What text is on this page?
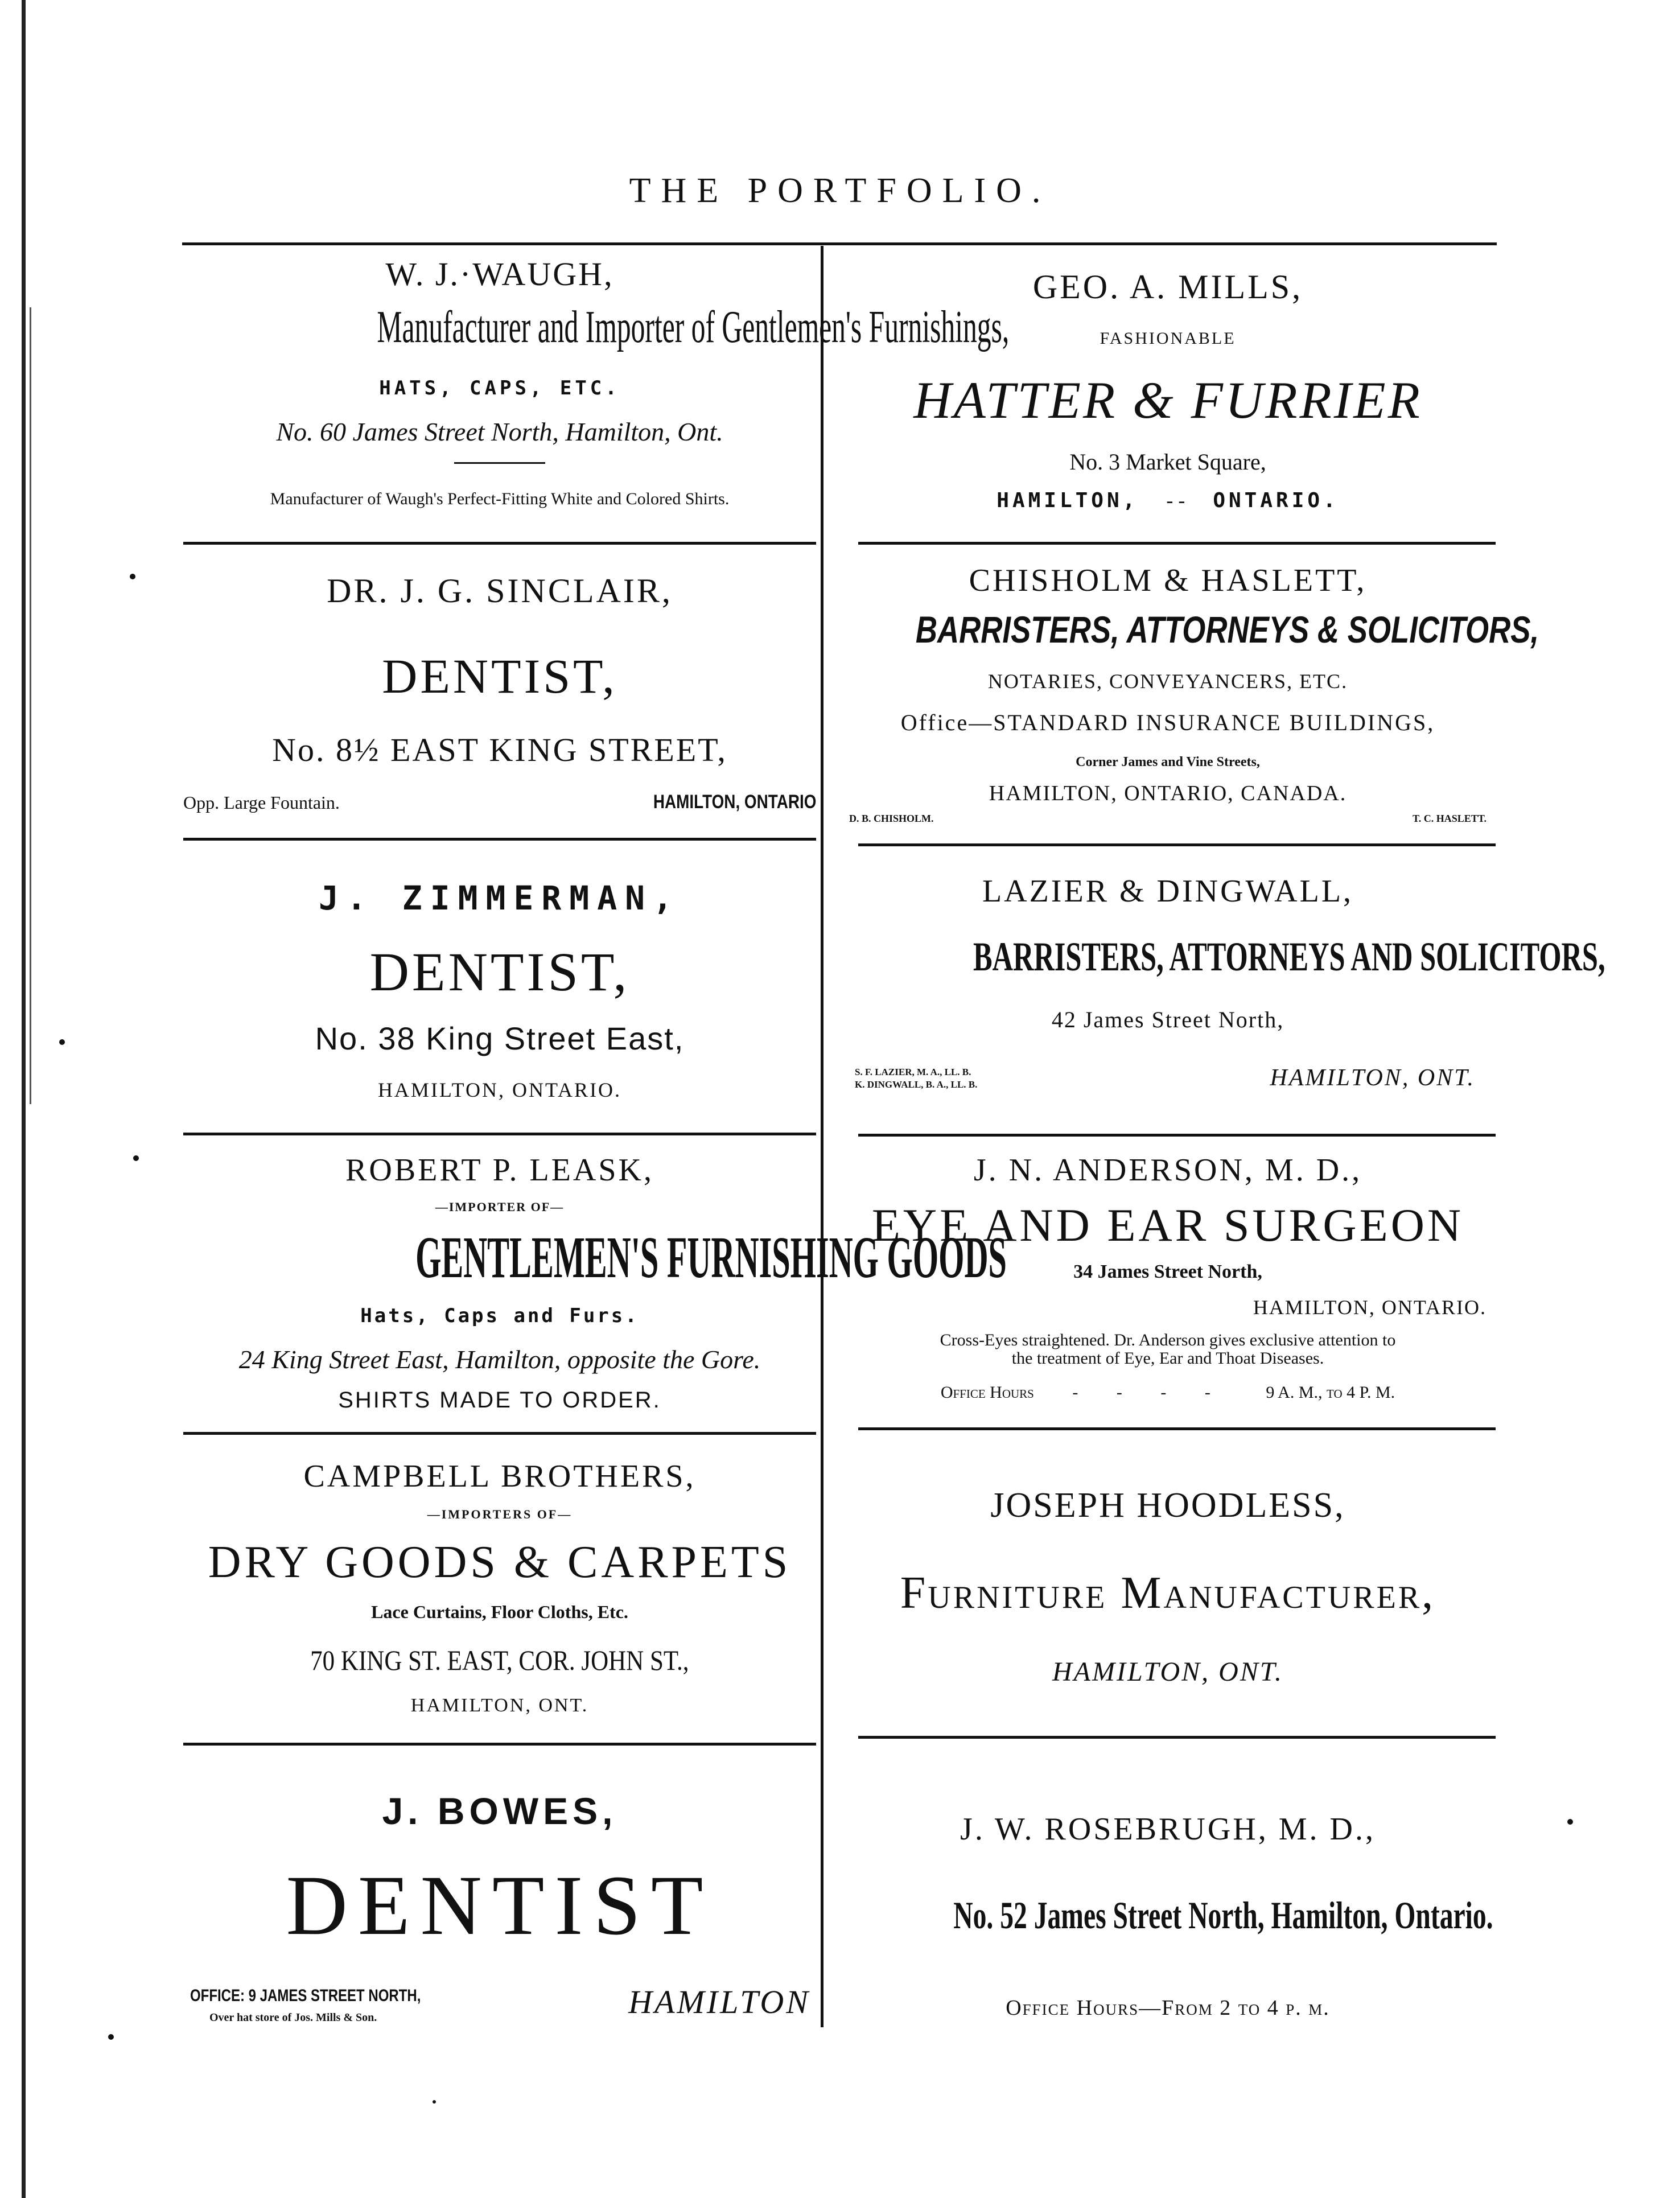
THE PORTFOLIO.
W. J.·WAUGH,
Manufacturer and Importer of Gentlemen's Furnishings,
HATS, CAPS, ETC.
No. 60 James Street North, Hamilton, Ont.
Manufacturer of Waugh's Perfect-Fitting White and Colored Shirts.
GEO. A. MILLS,
FASHIONABLE
HATTER & FURRIER
No. 3 Market Square,
HAMILTON, - - ONTARIO.
DR. J. G. SINCLAIR,
DENTIST,
No. 8½ EAST KING STREET,
Opp. Large Fountain.	HAMILTON, ONTARIO
CHISHOLM & HASLETT,
BARRISTERS, ATTORNEYS & SOLICITORS,
NOTARIES, CONVEYANCERS, ETC.
Office—STANDARD INSURANCE BUILDINGS,
Corner James and Vine Streets,
HAMILTON, ONTARIO, CANADA.
D. B. CHISHOLM.	T. C. HASLETT.
J. ZIMMERMAN,
DENTIST,
No. 38 King Street East,
HAMILTON, ONTARIO.
LAZIER & DINGWALL,
BARRISTERS, ATTORNEYS AND SOLICITORS,
42 James Street North,
S. F. LAZIER, M. A., LL. B.
K. DINGWALL, B. A., LL. B.	HAMILTON, ONT.
ROBERT P. LEASK,
—IMPORTER OF—
GENTLEMEN'S FURNISHING GOODS
Hats, Caps and Furs.
24 King Street East, Hamilton, opposite the Gore.
SHIRTS MADE TO ORDER.
J. N. ANDERSON, M. D.,
EYE AND EAR SURGEON
34 James Street North,
HAMILTON, ONTARIO.
Cross-Eyes straightened. Dr. Anderson gives exclusive attention to
the treatment of Eye, Ear and Thoat Diseases.
Office Hours - - - - 9 A. M., to 4 P. M.
CAMPBELL BROTHERS,
—IMPORTERS OF—
DRY GOODS & CARPETS
Lace Curtains, Floor Cloths, Etc.
70 KING ST. EAST, COR. JOHN ST.,
HAMILTON, ONT.
JOSEPH HOODLESS,
Furniture Manufacturer,
HAMILTON, ONT.
J. BOWES,
DENTIST
OFFICE: 9 JAMES STREET NORTH,
Over hat store of Jos. Mills & Son.	HAMILTON
J. W. ROSEBRUGH, M. D.,
No. 52 James Street North, Hamilton, Ontario.
Office Hours—From 2 to 4 p. m.
